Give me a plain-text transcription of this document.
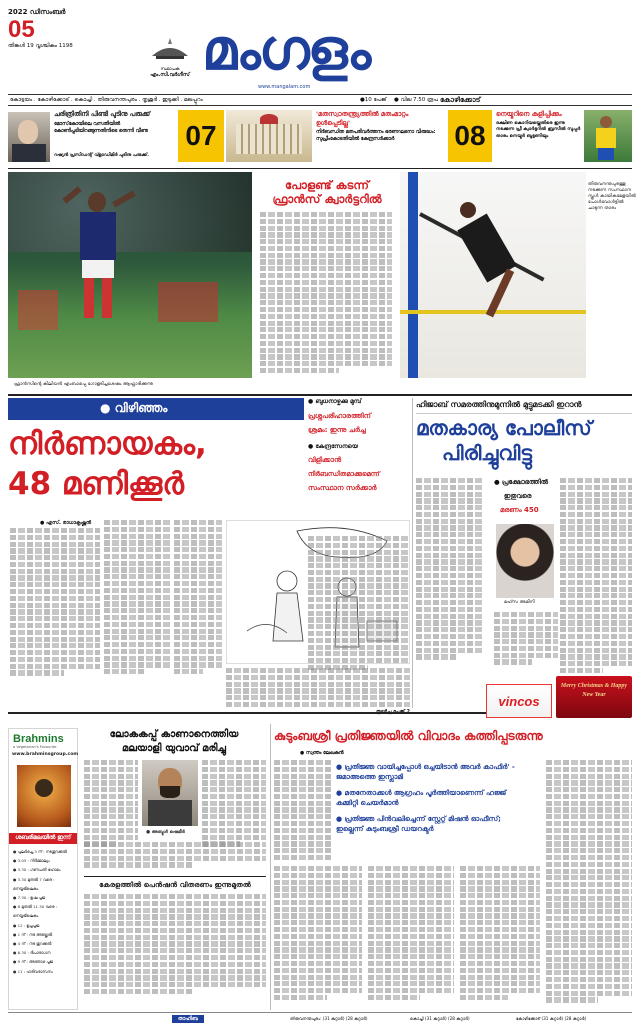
2022 ഡിസംബർ
05
തിങ്കൾ 19 വൃശ്ചികം 1198
സ്ഥാപക
എം.സി.വർഗീസ് മംഗളം
www.mangalam.com
കോട്ടയം . കോഴിക്കോട് . കൊച്ചി . തിരുവനന്തപുരം . തൃശൂർ . ഇടുക്കി . മലപ്പുറം	●10 പേജ് ● വില 7.50 രൂപ കോഴിക്കോട്
ചരിത്രിതിനി പിണ്ടി പുടിനു പരുക്ക്
മോസ്‌കോയിലെ വസതിയിൽ കോണിപ്പടിയിറങ്ങുന്നതിനിടെ തെന്നി വീണു
റഷ്യൻ പ്രസിഡന്റ് വ്ളാഡിമിർ പുടിനു പരുക്ക്.
07
'മതസ്വാതന്ത്ര്യത്തിൽ മതംമാറ്റം ഉൾപ്പെടില്ല'
നിർബന്ധിത മതപരിവർത്തനം ഭരണഘടനാ വിരുദ്ധം: സുപ്രീംകോടതിയിൽ കേന്ദ്രസർക്കാർ	08
നെയ്മറിനെ കളിപ്പിക്കും
ദക്ഷിണ കൊറിയയ്ക്കെതിരെ ഇന്നു നടക്കുന്ന പ്രീ ക്വാർട്ടറിൽ ബ്രസീൽ സൂപ്പർ താരം നെയ്മർ ബൂട്ടണിയും
ഫ്രാൻസിന്റെ കിലിയൻ എംബാപ്പെ ഗോളടിച്ചശേഷം ആഹ്ലാദിക്കുന്നു
പോളണ്ട് കടന്ന്
ഫ്രാൻസ് ക്വാർട്ടറിൽ
തിരുവനന്തപുരത്തു നടക്കുന്ന സംസ്ഥാന സ്കൂൾ കായികമേളയിൽ പോൾവോൾട്ടിൽ ചാടുന്ന താരം
● വിഴിഞ്ഞം
നിർണായകം,
48 മണിക്കൂർ
● ബുധനാഴ്ചക്കു മുമ്പ്
പ്രശ്നപരിഹാരത്തിന്
ശ്രമം: ഇന്നു ചർച്ച
● കേന്ദ്രസേനയെ
വിളിക്കാൻ
നിർബന്ധിതമാക്കുമെന്ന്
സംസ്ഥാന സർക്കാർ
● എസ്. രാധാകൃഷ്ണൻ
ഹിജാബ് സമരത്തിനുമുന്നിൽ മുട്ടുമടക്കി ഇറാൻ
മതകാര്യ പോലീസ്
പിരിച്ചുവിട്ടു
● പ്രക്ഷോഭത്തിൽ
ഇതുവരെ
മരണം 450
മഹ്സ അമിനി
vincos
Merry Christmas & Happy New Year
Brahmins
a Vegetarian's Favourite
www.brahminsgroup.com
ശബരിമലയിൽ ഇന്ന്
● പുലർച്ചെ 3 ന് : നടതുറക്കൽ
● 3.05 : നിർമ്മാല്യം
● 3.30 : ഗണപതി ഹോമം
● 3.30 മുതൽ 7 വരെ : നെയ്യഭിഷേകം
● 7.30 : ഉഷ:പൂജ
● 8 മുതൽ 11.30 വരെ : നെയ്യഭിഷേകം
● 12 : ഉച്ചപൂജ
● 1 ന് : നട അടയ്ക്കൽ
● 4 ന് : നട തുറക്കൽ
● 6.30 : ദീപാരാധന
● 9 ന് : അത്താഴ പൂജ
● 11 : ഹരിവരാസനം
ലോകകപ്പ് കാണാനെത്തിയ
മലയാളി യുവാവ് മരിച്ചു
● അബ്ദുൾ ഷെമീർ
കേരളത്തിൽ പെൻഷൻ വിതരണം ഇന്നുമുതൽ
കുടുംബശ്രീ പ്രതിജ്ഞയിൽ വിവാദം കത്തിപ്പടരുന്നു
● സ്വന്തം ലേഖകൻ
● പ്രതിജ്ഞ വായിച്ചപ്പോൾ ഒച്ചയിടാൻ അവർ കാഫിർ' - ജമാഅത്തെ ഇസ്ലാമി
● മതനേതാക്കൾ ആഗ്രഹം പൂർത്തിയാണെന്ന് ഹജ്ജ് കമ്മിറ്റി ചെയർമാൻ
● പ്രതിജ്ഞ പിൻവലിച്ചെന്ന് സ്റ്റേറ്റ് മിഷൻ ഓഫീസ്; ഇല്ലെന്ന് കുടുംബശ്രീ ഡയറക്ടർ
താഹിബ	തിരുവനന്തപുരം: (31 കുറ്റാർ) (28 കുറ്റാർ)	കൊച്ചി (31 കുറ്റാർ) (28 കുറ്റാർ)	കോഴിക്കോട് (31 കുറ്റാർ) (28 കുറ്റാർ)
